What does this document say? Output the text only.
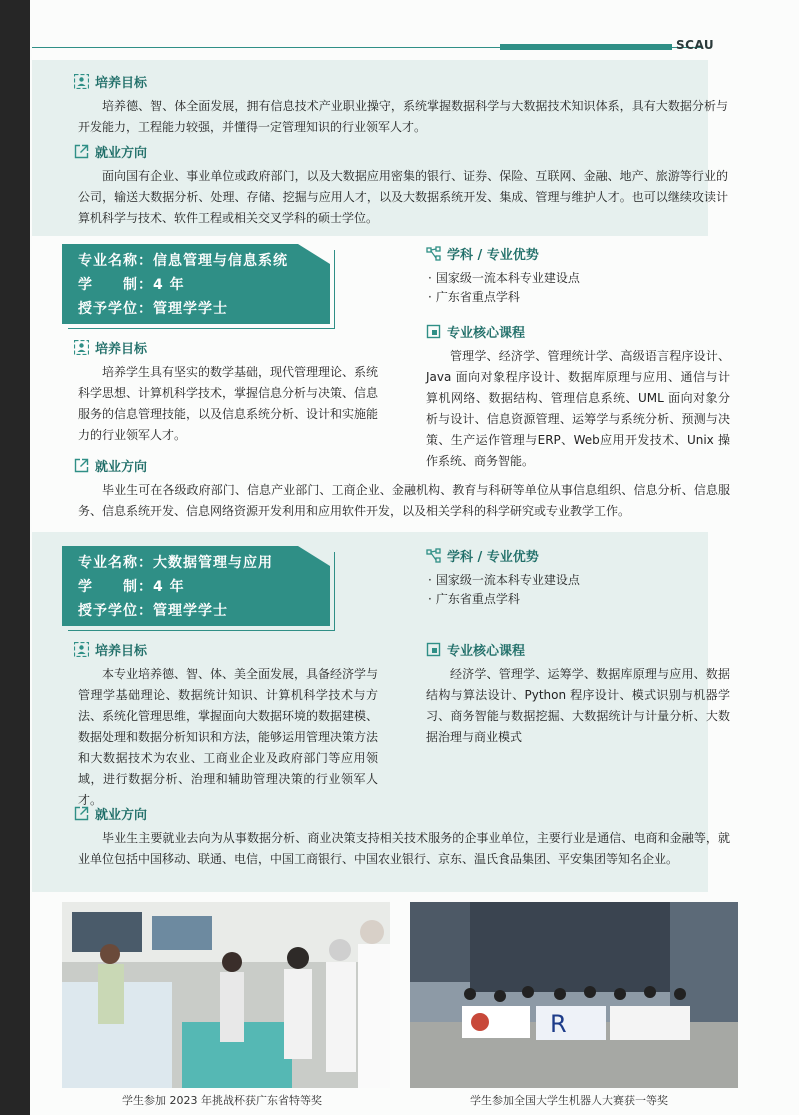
SCAU
培养目标
培养德、智、体全面发展，拥有信息技术产业职业操守，系统掌握数据科学与大数据技术知识体系，具有大数据分析与开发能力，工程能力较强，并懂得一定管理知识的行业领军人才。
就业方向
面向国有企业、事业单位或政府部门，以及大数据应用密集的银行、证券、保险、互联网、金融、地产、旅游等行业的公司，输送大数据分析、处理、存储、挖掘与应用人才，以及大数据系统开发、集成、管理与维护人才。也可以继续攻读计算机科学与技术、软件工程或相关交叉学科的硕士学位。
专业名称：信息管理与信息系统
学　　制：4 年
授予学位：管理学学士
学科 / 专业优势
· 国家级一流本科专业建设点
· 广东省重点学科
专业核心课程
管理学、经济学、管理统计学、高级语言程序设计、Java 面向对象程序设计、数据库原理与应用、通信与计算机网络、数据结构、管理信息系统、UML 面向对象分析与设计、信息资源管理、运筹学与系统分析、预测与决策、生产运作管理与ERP、Web应用开发技术、Unix 操作系统、商务智能。
培养目标
培养学生具有坚实的数学基础，现代管理理论、系统科学思想、计算机科学技术，掌握信息分析与决策、信息服务的信息管理技能，以及信息系统分析、设计和实施能力的行业领军人才。
就业方向
毕业生可在各级政府部门、信息产业部门、工商企业、金融机构、教育与科研等单位从事信息组织、信息分析、信息服务、信息系统开发、信息网络资源开发利用和应用软件开发，以及相关学科的科学研究或专业教学工作。
专业名称：大数据管理与应用
学　　制：4 年
授予学位：管理学学士
学科 / 专业优势
· 国家级一流本科专业建设点
· 广东省重点学科
专业核心课程
经济学、管理学、运筹学、数据库原理与应用、数据结构与算法设计、Python 程序设计、模式识别与机器学习、商务智能与数据挖掘、大数据统计与计量分析、大数据治理与商业模式
培养目标
本专业培养德、智、体、美全面发展，具备经济学与管理学基础理论、数据统计知识、计算机科学技术与方法、系统化管理思维，掌握面向大数据环境的数据建模、数据处理和数据分析知识和方法，能够运用管理决策方法和大数据技术为农业、工商业企业及政府部门等应用领域，进行数据分析、治理和辅助管理决策的行业领军人才。
就业方向
毕业生主要就业去向为从事数据分析、商业决策支持相关技术服务的企事业单位，主要行业是通信、电商和金融等，就业单位包括中国移动、联通、电信，中国工商银行、中国农业银行、京东、温氏食品集团、平安集团等知名企业。
学生参加 2023 年挑战杯获广东省特等奖
R
学生参加全国大学生机器人大赛获一等奖
